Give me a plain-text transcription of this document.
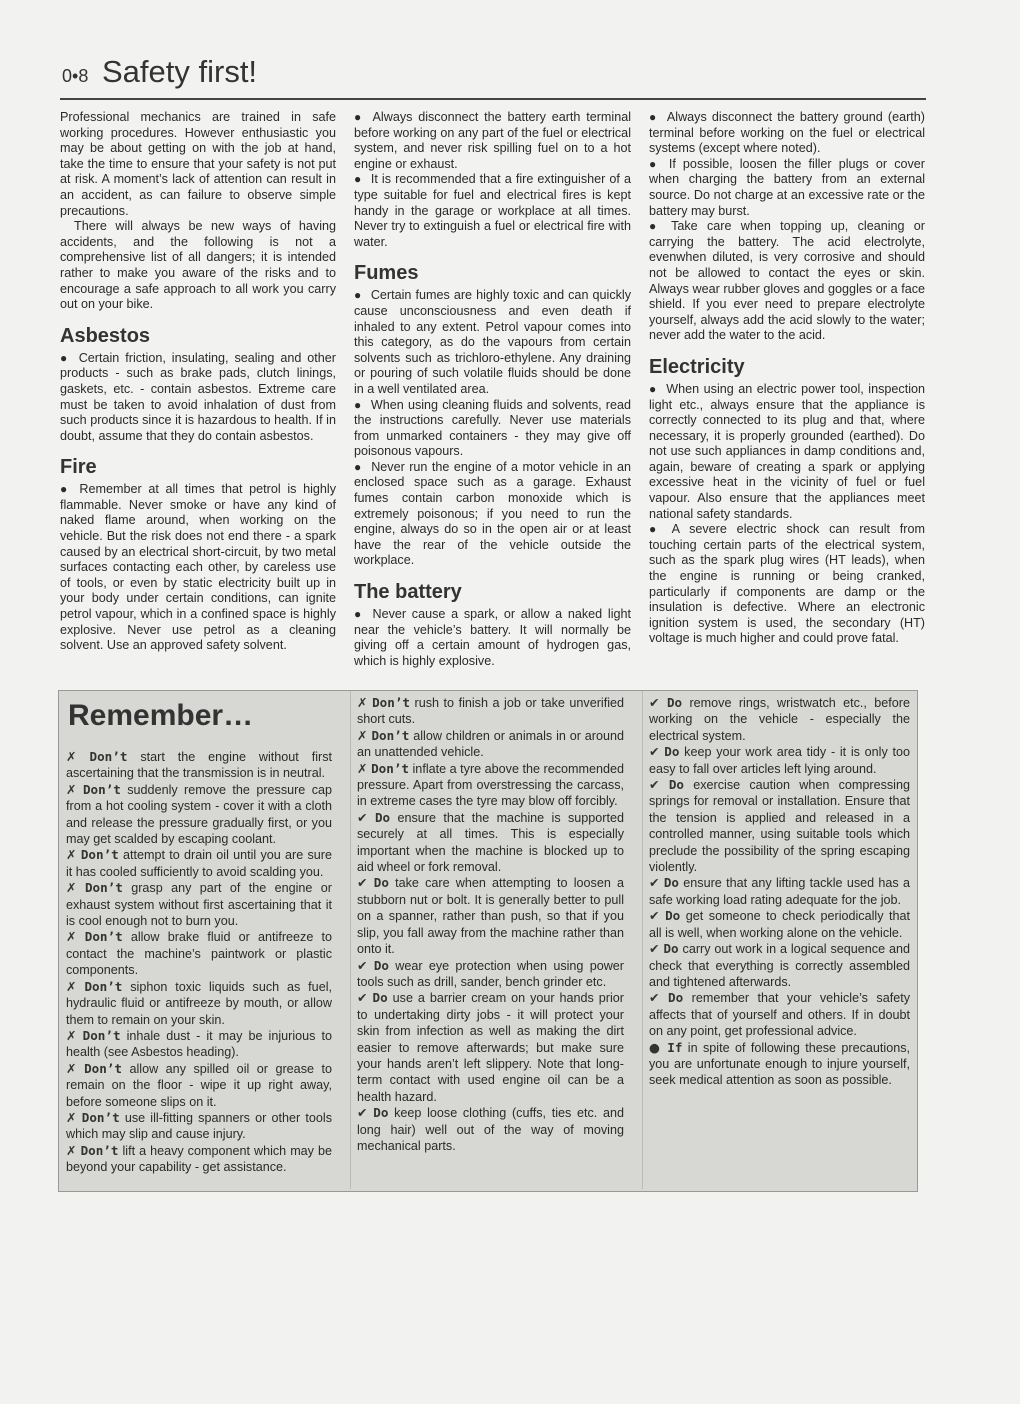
0•8 Safety first!

Professional mechanics are trained in safe working procedures. However enthusiastic you may be about getting on with the job at hand, take the time to ensure that your safety is not put at risk. A moment’s lack of attention can result in an accident, as can failure to observe simple precautions.

There will always be new ways of having accidents, and the following is not a comprehensive list of all dangers; it is intended rather to make you aware of the risks and to encourage a safe approach to all work you carry out on your bike.

Asbestos

● Certain friction, insulating, sealing and other products - such as brake pads, clutch linings, gaskets, etc. - contain asbestos. Extreme care must be taken to avoid inhalation of dust from such products since it is hazardous to health. If in doubt, assume that they do contain asbestos.

Fire

● Remember at all times that petrol is highly flammable. Never smoke or have any kind of naked flame around, when working on the vehicle. But the risk does not end there - a spark caused by an electrical short-circuit, by two metal surfaces contacting each other, by careless use of tools, or even by static electricity built up in your body under certain conditions, can ignite petrol vapour, which in a confined space is highly explosive. Never use petrol as a cleaning solvent. Use an approved safety solvent.

● Always disconnect the battery earth terminal before working on any part of the fuel or electrical system, and never risk spilling fuel on to a hot engine or exhaust.

● It is recommended that a fire extinguisher of a type suitable for fuel and electrical fires is kept handy in the garage or workplace at all times. Never try to extinguish a fuel or electrical fire with water.

Fumes

● Certain fumes are highly toxic and can quickly cause unconsciousness and even death if inhaled to any extent. Petrol vapour comes into this category, as do the vapours from certain solvents such as trichloro-ethylene. Any draining or pouring of such volatile fluids should be done in a well ventilated area.

● When using cleaning fluids and solvents, read the instructions carefully. Never use materials from unmarked containers - they may give off poisonous vapours.

● Never run the engine of a motor vehicle in an enclosed space such as a garage. Exhaust fumes contain carbon monoxide which is extremely poisonous; if you need to run the engine, always do so in the open air or at least have the rear of the vehicle outside the workplace.

The battery

● Never cause a spark, or allow a naked light near the vehicle’s battery. It will normally be giving off a certain amount of hydrogen gas, which is highly explosive.

● Always disconnect the battery ground (earth) terminal before working on the fuel or electrical systems (except where noted).

● If possible, loosen the filler plugs or cover when charging the battery from an external source. Do not charge at an excessive rate or the battery may burst.

● Take care when topping up, cleaning or carrying the battery. The acid electrolyte, evenwhen diluted, is very corrosive and should not be allowed to contact the eyes or skin. Always wear rubber gloves and goggles or a face shield. If you ever need to prepare electrolyte yourself, always add the acid slowly to the water; never add the water to the acid.

Electricity

● When using an electric power tool, inspection light etc., always ensure that the appliance is correctly connected to its plug and that, where necessary, it is properly grounded (earthed). Do not use such appliances in damp conditions and, again, beware of creating a spark or applying excessive heat in the vicinity of fuel or fuel vapour. Also ensure that the appliances meet national safety standards.

● A severe electric shock can result from touching certain parts of the electrical system, such as the spark plug wires (HT leads), when the engine is running or being cranked, particularly if components are damp or the insulation is defective. Where an electronic ignition system is used, the secondary (HT) voltage is much higher and could prove fatal.

Remember…

✗ Don’t start the engine without first ascertaining that the transmission is in neutral.

✗ Don’t suddenly remove the pressure cap from a hot cooling system - cover it with a cloth and release the pressure gradually first, or you may get scalded by escaping coolant.

✗ Don’t attempt to drain oil until you are sure it has cooled sufficiently to avoid scalding you.

✗ Don’t grasp any part of the engine or exhaust system without first ascertaining that it is cool enough not to burn you.

✗ Don’t allow brake fluid or antifreeze to contact the machine’s paintwork or plastic components.

✗ Don’t siphon toxic liquids such as fuel, hydraulic fluid or antifreeze by mouth, or allow them to remain on your skin.

✗ Don’t inhale dust - it may be injurious to health (see Asbestos heading).

✗ Don’t allow any spilled oil or grease to remain on the floor - wipe it up right away, before someone slips on it.

✗ Don’t use ill-fitting spanners or other tools which may slip and cause injury.

✗ Don’t lift a heavy component which may be beyond your capability - get assistance.

✗ Don’t rush to finish a job or take unverified short cuts.

✗ Don’t allow children or animals in or around an unattended vehicle.

✗ Don’t inflate a tyre above the recommended pressure. Apart from overstressing the carcass, in extreme cases the tyre may blow off forcibly.

✔ Do ensure that the machine is supported securely at all times. This is especially important when the machine is blocked up to aid wheel or fork removal.

✔ Do take care when attempting to loosen a stubborn nut or bolt. It is generally better to pull on a spanner, rather than push, so that if you slip, you fall away from the machine rather than onto it.

✔ Do wear eye protection when using power tools such as drill, sander, bench grinder etc.

✔ Do use a barrier cream on your hands prior to undertaking dirty jobs - it will protect your skin from infection as well as making the dirt easier to remove afterwards; but make sure your hands aren’t left slippery. Note that long-term contact with used engine oil can be a health hazard.

✔ Do keep loose clothing (cuffs, ties etc. and long hair) well out of the way of moving mechanical parts.

✔ Do remove rings, wristwatch etc., before working on the vehicle - especially the electrical system.

✔ Do keep your work area tidy - it is only too easy to fall over articles left lying around.

✔ Do exercise caution when compressing springs for removal or installation. Ensure that the tension is applied and released in a controlled manner, using suitable tools which preclude the possibility of the spring escaping violently.

✔ Do ensure that any lifting tackle used has a safe working load rating adequate for the job.

✔ Do get someone to check periodically that all is well, when working alone on the vehicle.

✔ Do carry out work in a logical sequence and check that everything is correctly assembled and tightened afterwards.

✔ Do remember that your vehicle’s safety affects that of yourself and others. If in doubt on any point, get professional advice.

● If in spite of following these precautions, you are unfortunate enough to injure yourself, seek medical attention as soon as possible.
